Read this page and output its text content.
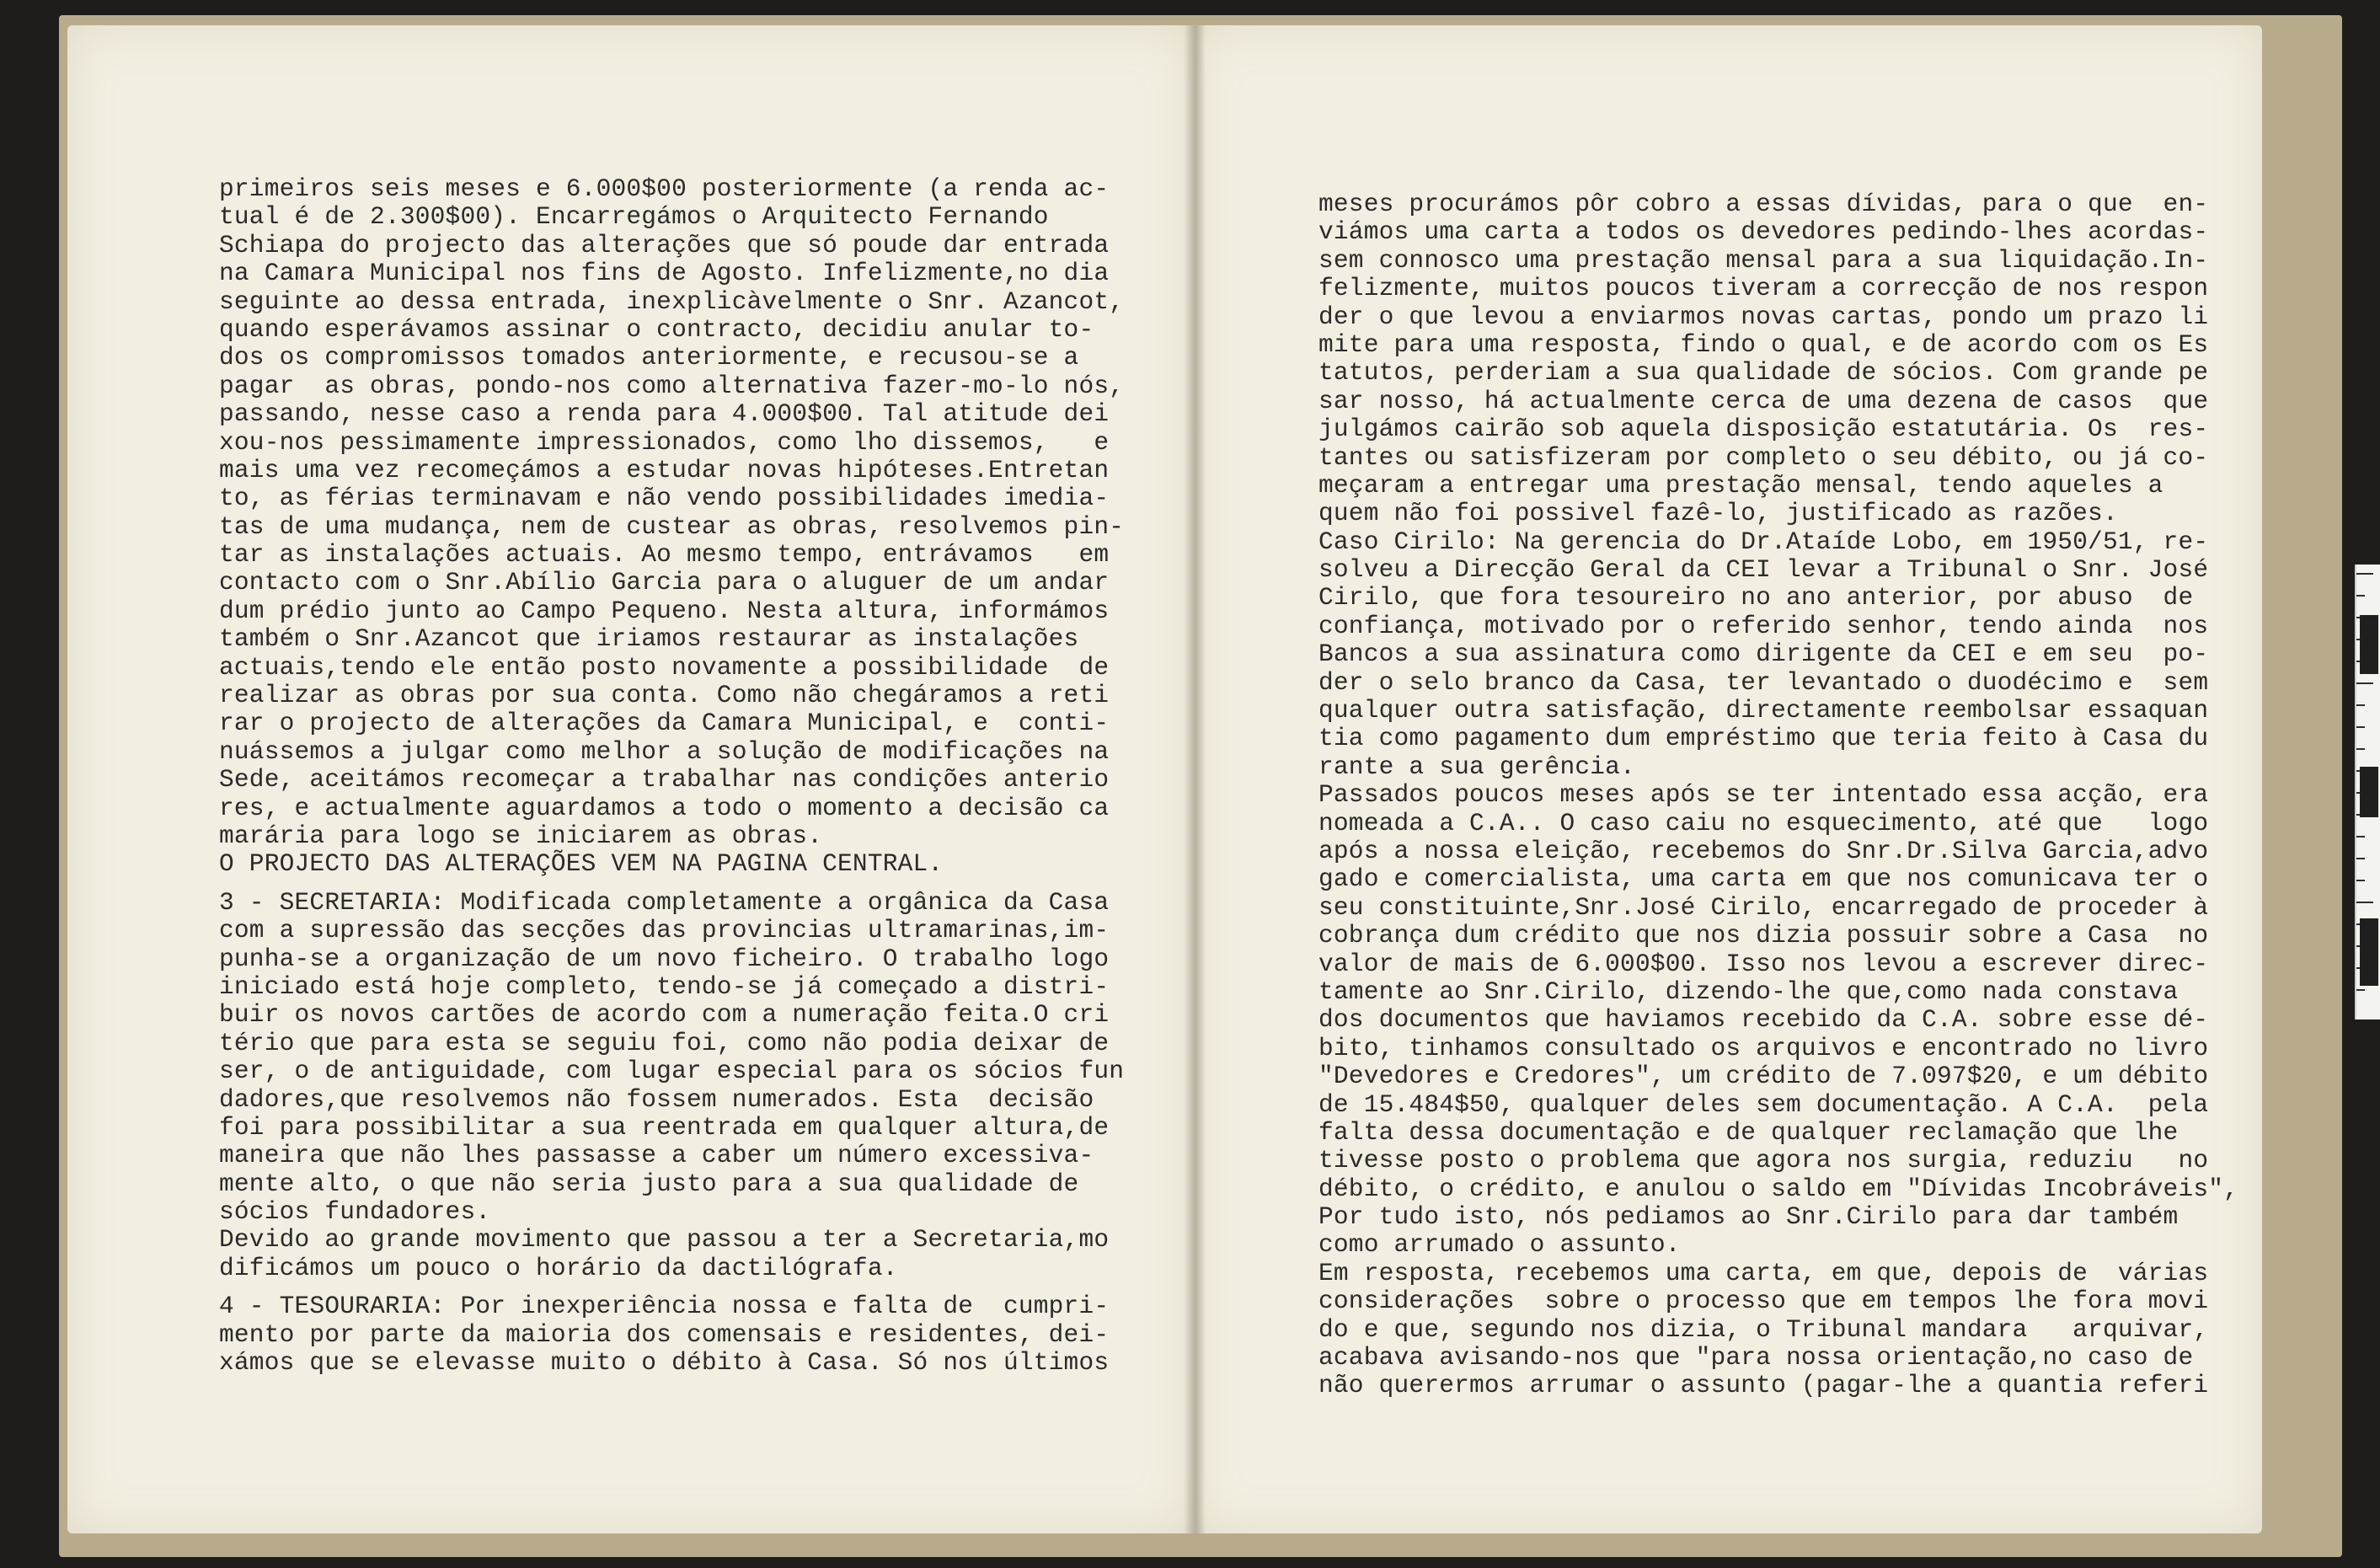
primeiros seis meses e 6.000$00 posteriormente (a renda ac-
tual é de 2.300$00). Encarregámos o Arquitecto Fernando
Schiapa do projecto das alterações que só poude dar entrada
na Camara Municipal nos fins de Agosto. Infelizmente,no dia
seguinte ao dessa entrada, inexplicàvelmente o Snr. Azancot,
quando esperávamos assinar o contracto, decidiu anular to-
dos os compromissos tomados anteriormente, e recusou-se a
pagar  as obras, pondo-nos como alternativa fazer-mo-lo nós,
passando, nesse caso a renda para 4.000$00. Tal atitude dei
xou-nos pessimamente impressionados, como lho dissemos,   e
mais uma vez recomeçámos a estudar novas hipóteses.Entretan
to, as férias terminavam e não vendo possibilidades imedia-
tas de uma mudança, nem de custear as obras, resolvemos pin-
tar as instalações actuais. Ao mesmo tempo, entrávamos   em
contacto com o Snr.Abílio Garcia para o aluguer de um andar
dum prédio junto ao Campo Pequeno. Nesta altura, informámos
também o Snr.Azancot que iriamos restaurar as instalações
actuais,tendo ele então posto novamente a possibilidade  de
realizar as obras por sua conta. Como não chegáramos a reti
rar o projecto de alterações da Camara Municipal, e  conti-
nuássemos a julgar como melhor a solução de modificações na
Sede, aceitámos recomeçar a trabalhar nas condições anterio
res, e actualmente aguardamos a todo o momento a decisão ca
marária para logo se iniciarem as obras.
O PROJECTO DAS ALTERAÇÕES VEM NA PAGINA CENTRAL.
3 - SECRETARIA: Modificada completamente a orgânica da Casa
com a supressão das secções das provincias ultramarinas,im-
punha-se a organização de um novo ficheiro. O trabalho logo
iniciado está hoje completo, tendo-se já começado a distri-
buir os novos cartões de acordo com a numeração feita.O cri
tério que para esta se seguiu foi, como não podia deixar de
ser, o de antiguidade, com lugar especial para os sócios fun
dadores,que resolvemos não fossem numerados. Esta  decisão
foi para possibilitar a sua reentrada em qualquer altura,de
maneira que não lhes passasse a caber um número excessiva-
mente alto, o que não seria justo para a sua qualidade de
sócios fundadores.
Devido ao grande movimento que passou a ter a Secretaria,mo
dificámos um pouco o horário da dactilógrafa.
4 - TESOURARIA: Por inexperiência nossa e falta de  cumpri-
mento por parte da maioria dos comensais e residentes, dei-
xámos que se elevasse muito o débito à Casa. Só nos últimos
meses procurámos pôr cobro a essas dívidas, para o que  en-
viámos uma carta a todos os devedores pedindo-lhes acordas-
sem connosco uma prestação mensal para a sua liquidação.In-
felizmente, muitos poucos tiveram a correcção de nos respon
der o que levou a enviarmos novas cartas, pondo um prazo li
mite para uma resposta, findo o qual, e de acordo com os Es
tatutos, perderiam a sua qualidade de sócios. Com grande pe
sar nosso, há actualmente cerca de uma dezena de casos  que
julgámos cairão sob aquela disposição estatutária. Os  res-
tantes ou satisfizeram por completo o seu débito, ou já co-
meçaram a entregar uma prestação mensal, tendo aqueles a
quem não foi possivel fazê-lo, justificado as razões.
Caso Cirilo: Na gerencia do Dr.Ataíde Lobo, em 1950/51, re-
solveu a Direcção Geral da CEI levar a Tribunal o Snr. José
Cirilo, que fora tesoureiro no ano anterior, por abuso  de
confiança, motivado por o referido senhor, tendo ainda  nos
Bancos a sua assinatura como dirigente da CEI e em seu  po-
der o selo branco da Casa, ter levantado o duodécimo e  sem
qualquer outra satisfação, directamente reembolsar essaquan
tia como pagamento dum empréstimo que teria feito à Casa du
rante a sua gerência.
Passados poucos meses após se ter intentado essa acção, era
nomeada a C.A.. O caso caiu no esquecimento, até que   logo
após a nossa eleição, recebemos do Snr.Dr.Silva Garcia,advo
gado e comercialista, uma carta em que nos comunicava ter o
seu constituinte,Snr.José Cirilo, encarregado de proceder à
cobrança dum crédito que nos dizia possuir sobre a Casa  no
valor de mais de 6.000$00. Isso nos levou a escrever direc-
tamente ao Snr.Cirilo, dizendo-lhe que,como nada constava
dos documentos que haviamos recebido da C.A. sobre esse dé-
bito, tinhamos consultado os arquivos e encontrado no livro
"Devedores e Credores", um crédito de 7.097$20, e um débito
de 15.484$50, qualquer deles sem documentação. A C.A.  pela
falta dessa documentação e de qualquer reclamação que lhe
tivesse posto o problema que agora nos surgia, reduziu   no
débito, o crédito, e anulou o saldo em "Dívidas Incobráveis",
Por tudo isto, nós pediamos ao Snr.Cirilo para dar também
como arrumado o assunto.
Em resposta, recebemos uma carta, em que, depois de  várias
considerações  sobre o processo que em tempos lhe fora movi
do e que, segundo nos dizia, o Tribunal mandara   arquivar,
acabava avisando-nos que "para nossa orientação,no caso de
não querermos arrumar o assunto (pagar-lhe a quantia referi
